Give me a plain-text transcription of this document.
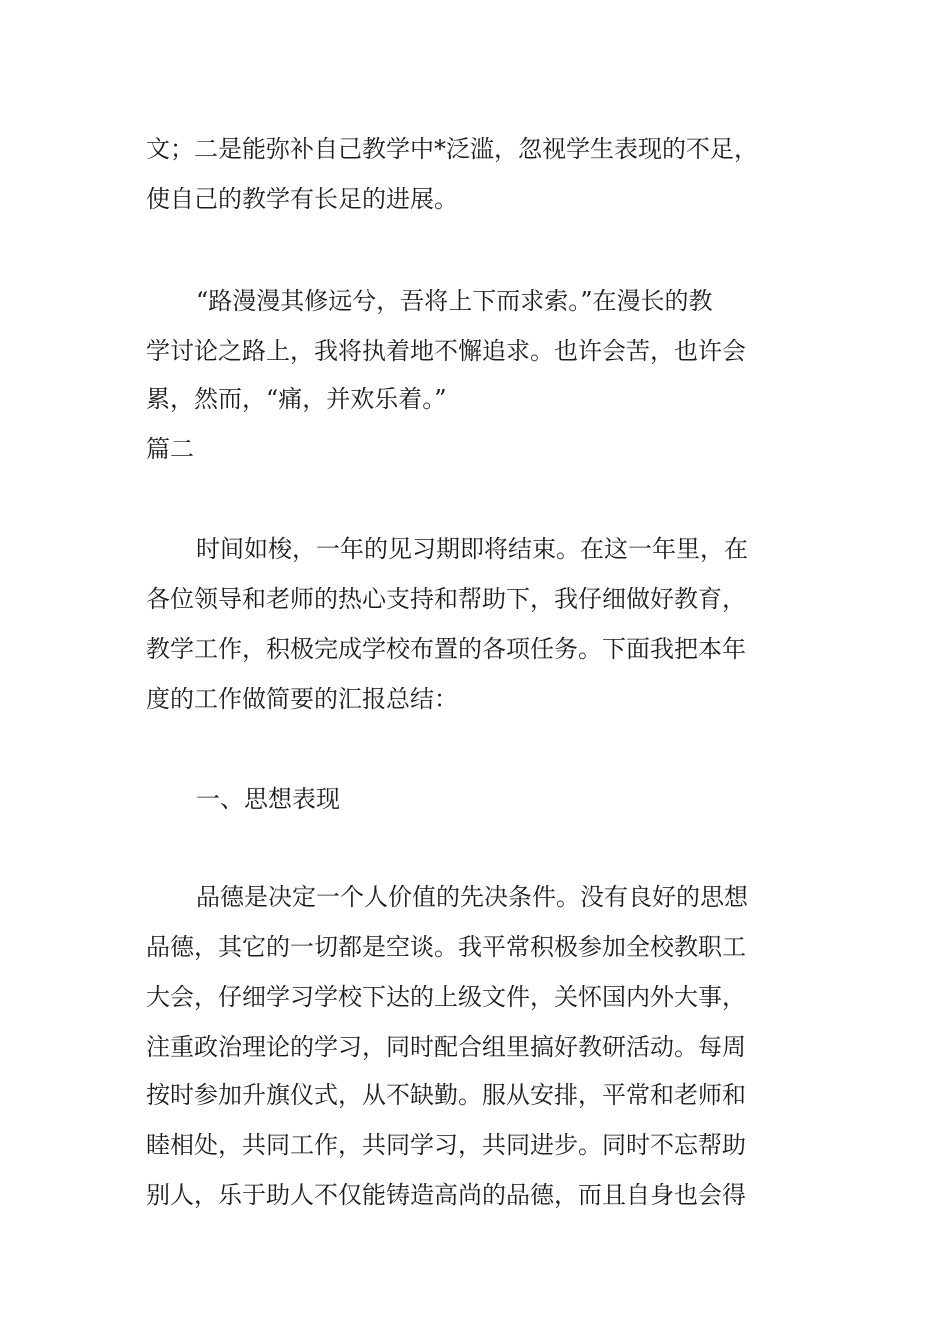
文；二是能弥补自己教学中*泛滥，忽视学生表现的不足，

使自己的教学有长足的进展。

“路漫漫其修远兮，吾将上下而求索。”在漫长的教

学讨论之路上，我将执着地不懈追求。也许会苦，也许会

累，然而，“痛，并欢乐着。”

篇二

时间如梭，一年的见习期即将结束。在这一年里，在

各位领导和老师的热心支持和帮助下，我仔细做好教育，

教学工作，积极完成学校布置的各项任务。下面我把本年

度的工作做简要的汇报总结：

一、思想表现

品德是决定一个人价值的先决条件。没有良好的思想

品德，其它的一切都是空谈。我平常积极参加全校教职工

大会，仔细学习学校下达的上级文件，关怀国内外大事，

注重政治理论的学习，同时配合组里搞好教研活动。每周

按时参加升旗仪式，从不缺勤。服从安排，平常和老师和

睦相处，共同工作，共同学习，共同进步。同时不忘帮助

别人，乐于助人不仅能铸造高尚的品德，而且自身也会得
